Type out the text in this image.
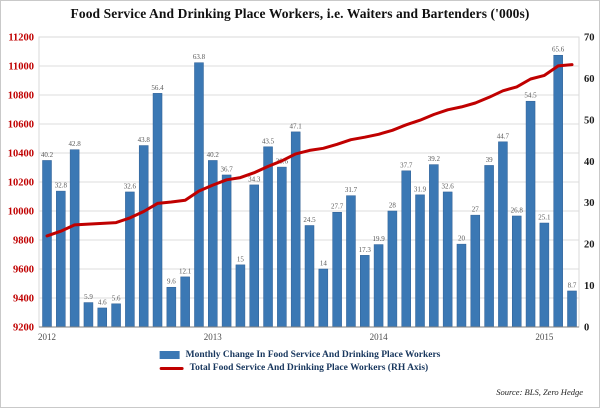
Food Service And Drinking Place Workers, i.e. Waiters and Bartenders ('000s)
40.2
32.8
42.8
5.9
4.6
5.6
32.6
43.8
56.4
9.6
12.1
63.8
40.2
36.7
15
34.3
43.5
38.6
47.1
24.5
14
27.7
31.7
17.3
19.9
28
37.7
31.9
39.2
32.6
20
27
39
44.7
26.8
54.5
25.1
65.6
8.7
9200
9400
9600
9800
10000
10200
10400
10600
10800
11000
11200
0
10
20
30
40
50
60
70
2012	2013	2014	2015
Monthly Change In Food Service And Drinking Place Workers
Total Food Service And Drinking Place Workers (RH Axis)
Source: BLS, Zero Hedge
